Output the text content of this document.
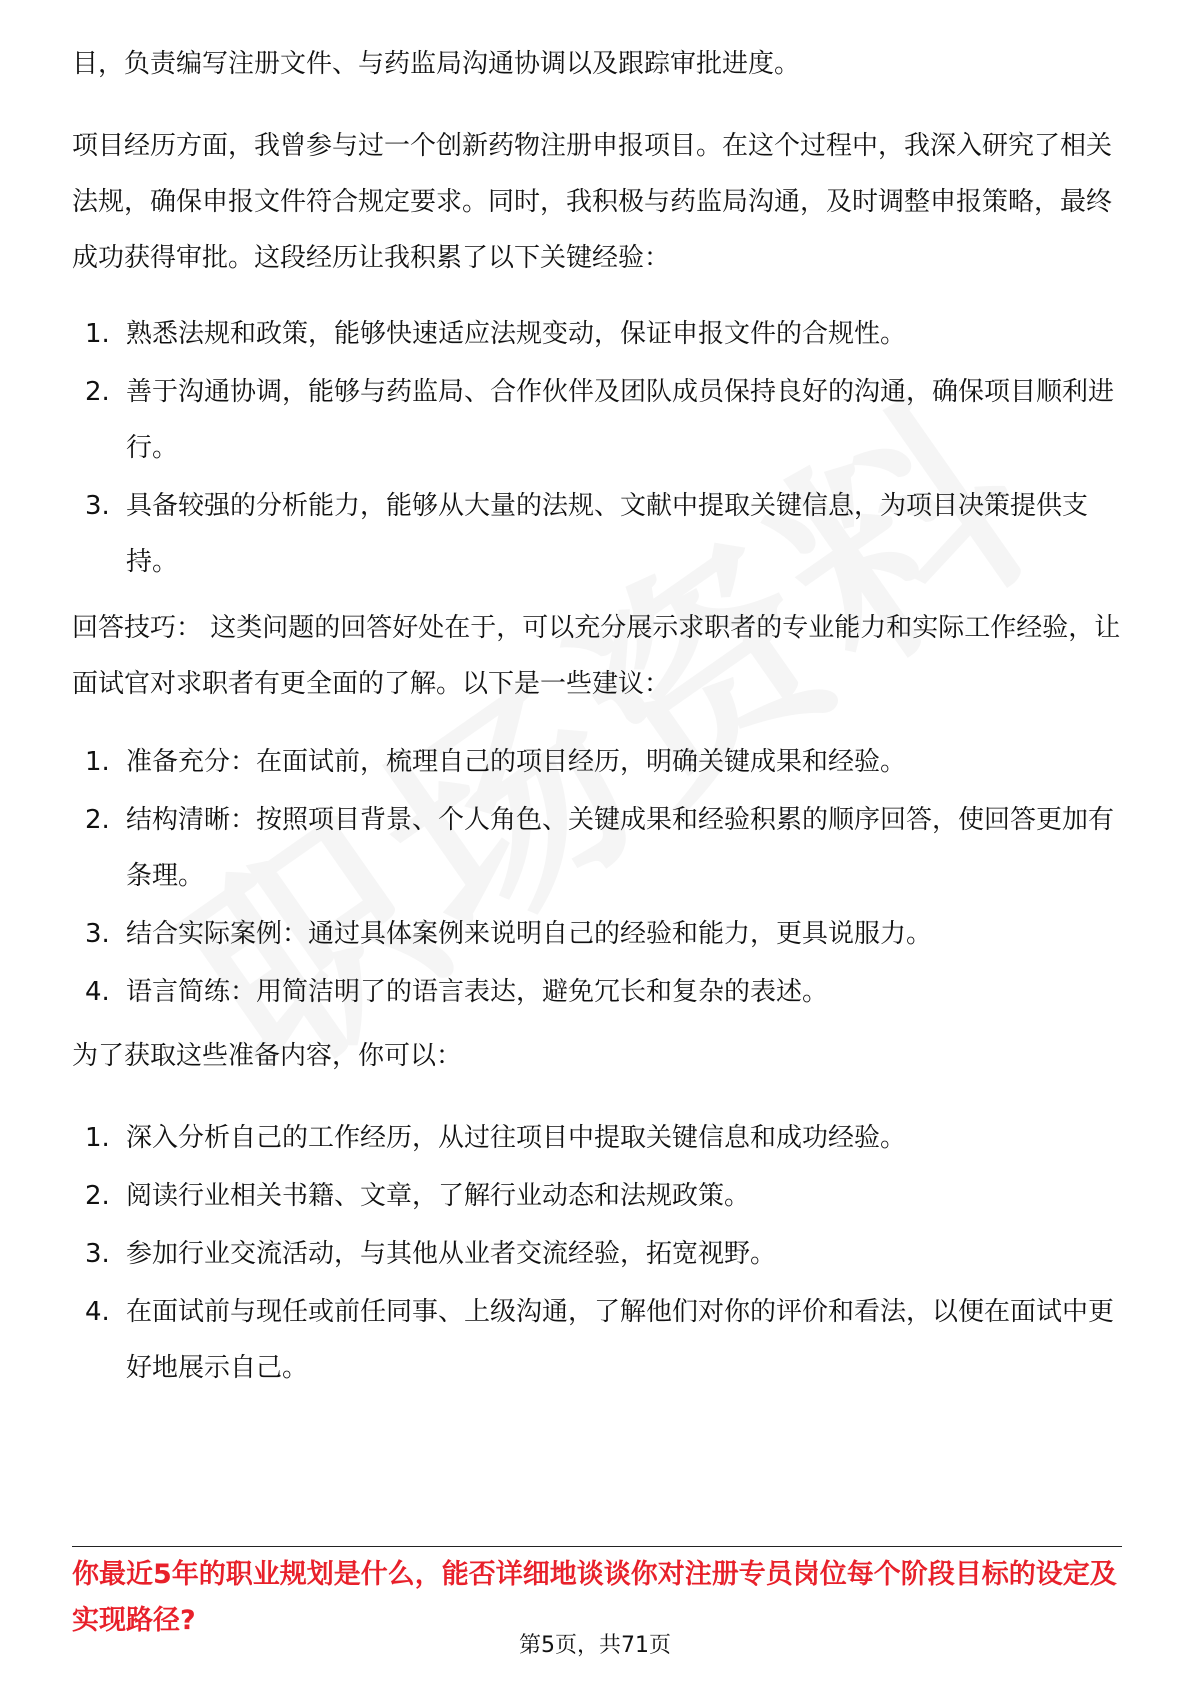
目，负责编写注册文件、与药监局沟通协调以及跟踪审批进度。

项目经历方面，我曾参与过一个创新药物注册申报项目。在这个过程中，我深入研究了相关法规，确保申报文件符合规定要求。同时，我积极与药监局沟通，及时调整申报策略，最终成功获得审批。这段经历让我积累了以下关键经验：

1. 熟悉法规和政策，能够快速适应法规变动，保证申报文件的合规性。
2. 善于沟通协调，能够与药监局、合作伙伴及团队成员保持良好的沟通，确保项目顺利进行。
3. 具备较强的分析能力，能够从大量的法规、文献中提取关键信息，为项目决策提供支持。

回答技巧： 这类问题的回答好处在于，可以充分展示求职者的专业能力和实际工作经验，让面试官对求职者有更全面的了解。以下是一些建议：

1. 准备充分：在面试前，梳理自己的项目经历，明确关键成果和经验。
2. 结构清晰：按照项目背景、个人角色、关键成果和经验积累的顺序回答，使回答更加有条理。
3. 结合实际案例：通过具体案例来说明自己的经验和能力，更具说服力。
4. 语言简练：用简洁明了的语言表达，避免冗长和复杂的表述。

为了获取这些准备内容，你可以：

1. 深入分析自己的工作经历，从过往项目中提取关键信息和成功经验。
2. 阅读行业相关书籍、文章，了解行业动态和法规政策。
3. 参加行业交流活动，与其他从业者交流经验，拓宽视野。
4. 在面试前与现任或前任同事、上级沟通，了解他们对你的评价和看法，以便在面试中更好地展示自己。

你最近5年的职业规划是什么，能否详细地谈谈你对注册专员岗位每个阶段目标的设定及实现路径?

第5页，共71页
